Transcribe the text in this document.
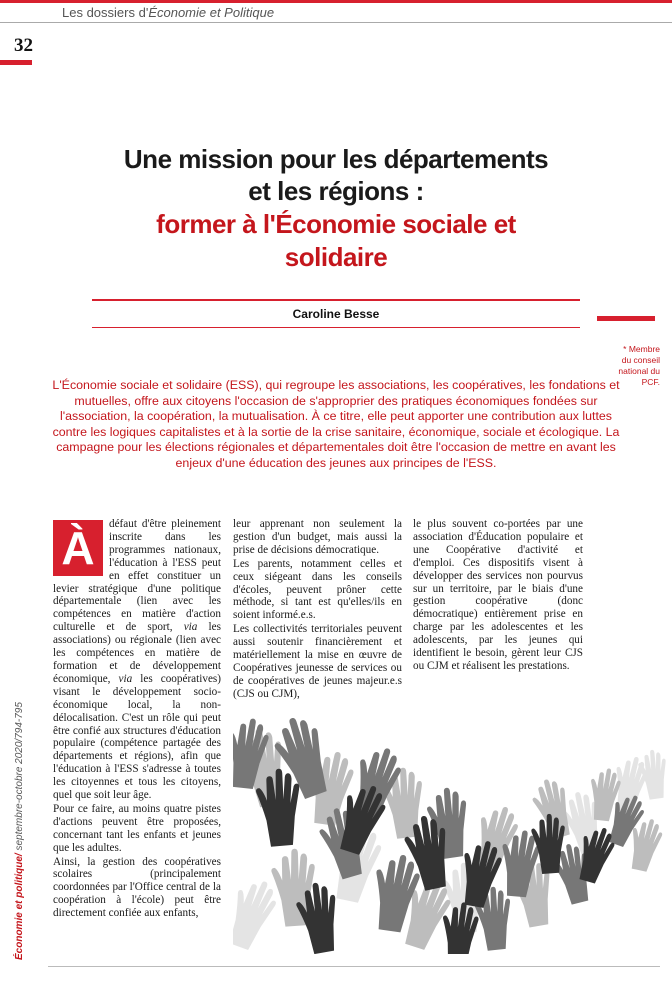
Les dossiers d'Économie et Politique
32
Une mission pour les départements
et les régions :
former à l'Économie sociale et
solidaire
Caroline Besse
* Membre
du conseil
national du
PCF.
L'Économie sociale et solidaire (ESS), qui regroupe les associations, les coopératives, les fondations et mutuelles, offre aux citoyens l'occasion de s'approprier des pratiques économiques fondées sur l'association, la coopération, la mutualisation. À ce titre, elle peut apporter une contribution aux luttes contre les logiques capitalistes et à la sortie de la crise sanitaire, économique, sociale et écologique. La campagne pour les élections régionales et départementales doit être l'occasion de mettre en avant les enjeux d'une éducation des jeunes aux principes de l'ESS.

À	défaut d'être pleinement inscrite dans les programmes nationaux, l'éducation à l'ESS peut en effet constituer un levier stratégique d'une politique départementale (lien avec les compétences en matière d'action culturelle et de sport, via les associations) ou régionale (lien avec les compétences en matière de formation et de développement économique, via les coopératives) visant le développement socio-économique local, la non-délocalisation. C'est un rôle qui peut être confié aux structures d'éducation populaire (compétence partagée des départements et régions), afin que l'éducation à l'ESS s'adresse à toutes les citoyennes et tous les citoyens, quel que soit leur âge.

Pour ce faire, au moins quatre pistes d'actions peuvent être proposées, concernant tant les enfants et jeunes que les adultes.

Ainsi, la gestion des coopératives scolaires (principalement coordonnées par l'Office central de la coopération à l'école) peut être directement confiée aux enfants,

leur apprenant non seulement la gestion d'un budget, mais aussi la prise de décisions démocratique.

Les parents, notamment celles et ceux siégeant dans les conseils d'écoles, peuvent prôner cette méthode, si tant est qu'elles/ils en soient informé.e.s.

Les collectivités territoriales peuvent aussi soutenir financièrement et matériellement la mise en œuvre de Coopératives jeunesse de services ou de coopératives de jeunes majeur.e.s (CJS ou CJM),

le plus souvent co-portées par une association d'Éducation populaire et une Coopérative d'activité et d'emploi. Ces dispositifs visent à développer des services non pourvus sur un territoire, par le biais d'une gestion coopérative (donc démocratique) entièrement prise en charge par les adolescentes et les adolescents, par les jeunes qui identifient le besoin, gèrent leur CJS ou CJM et réalisent les prestations.

Économie et politique/ septembre-octobre 2020/794-795
